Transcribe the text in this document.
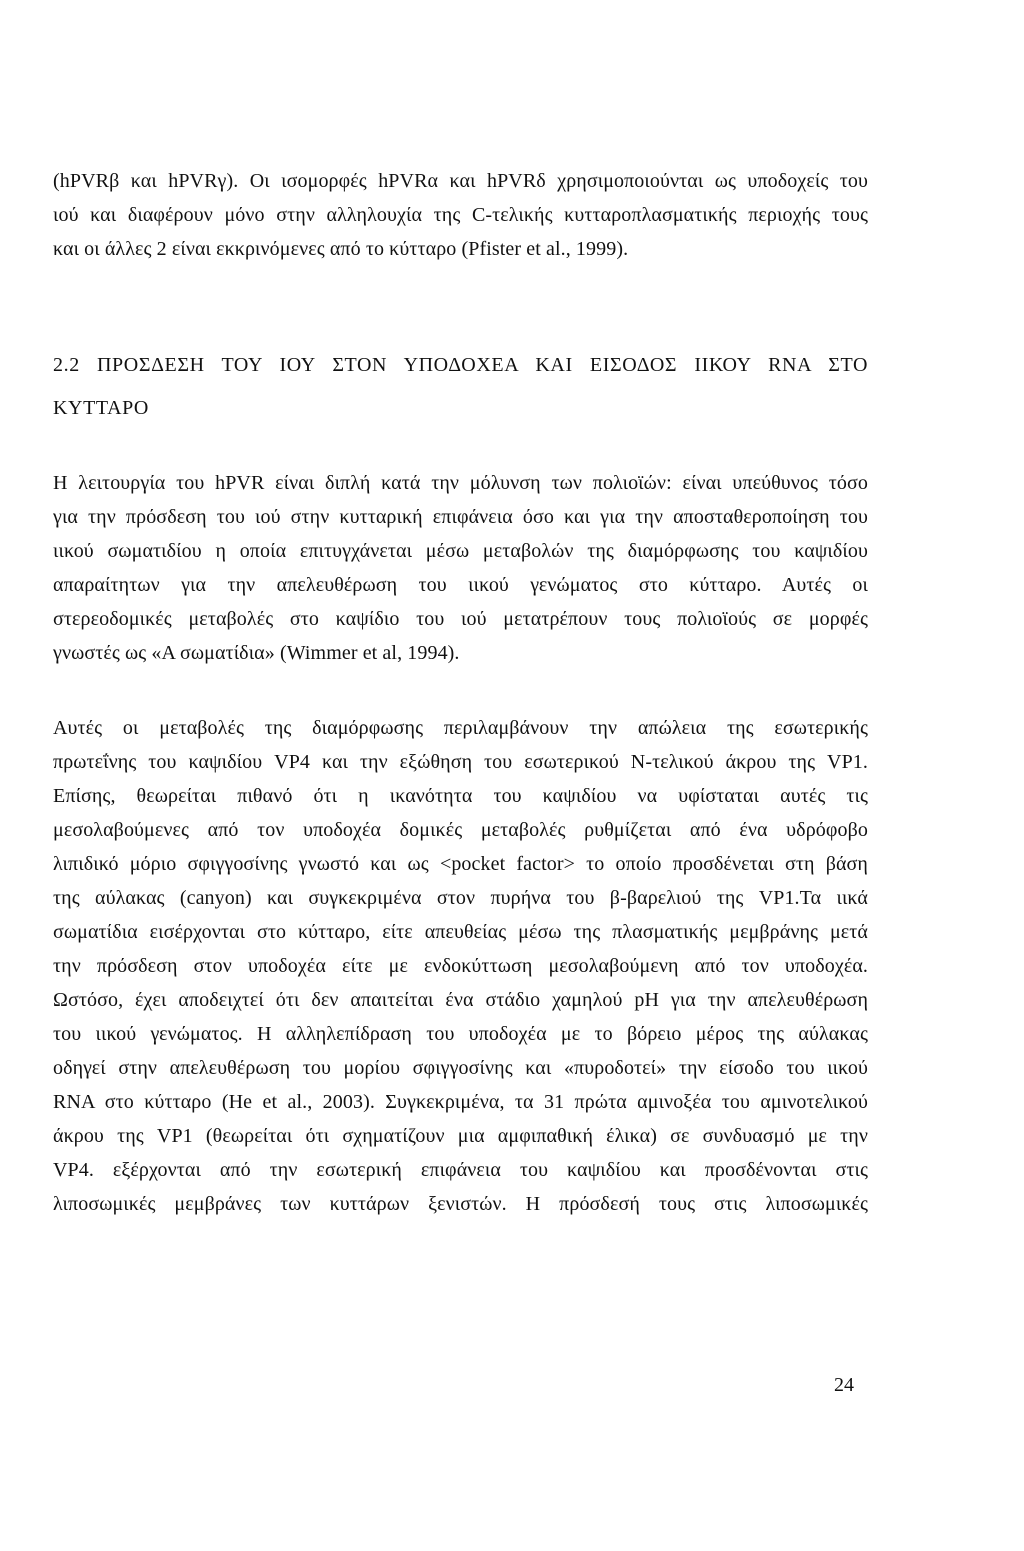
(hPVRβ και hPVRγ). Οι ισομορφές hPVRα και hPVRδ χρησιμοποιούνται ως υποδοχείς του
ιού και διαφέρουν μόνο στην αλληλουχία της C-τελικής κυτταροπλασματικής περιοχής τους
και οι άλλες 2 είναι εκκρινόμενες από το κύτταρο (Pfister et al., 1999).
2.2 ΠΡΟΣΔΕΣΗ ΤΟΥ ΙΟΥ ΣΤΟΝ ΥΠΟΔΟΧΕΑ ΚΑΙ ΕΙΣΟΔΟΣ ΙΙΚΟΥ RNA ΣΤΟ
ΚΥΤΤΑΡΟ
Η λειτουργία του hPVR είναι διπλή κατά την μόλυνση των πολιοϊών: είναι υπεύθυνος τόσο
για την πρόσδεση του ιού στην κυτταρική επιφάνεια όσο και για την αποσταθεροποίηση του
ιικού σωματιδίου η οποία επιτυγχάνεται μέσω μεταβολών της διαμόρφωσης του καψιδίου
απαραίτητων για την απελευθέρωση του ιικού γενώματος στο κύτταρο. Αυτές οι
στερεοδομικές μεταβολές στο καψίδιο του ιού μετατρέπουν τους πολιοϊούς σε μορφές
γνωστές ως «A σωματίδια» (Wimmer et al, 1994).
Αυτές οι μεταβολές της διαμόρφωσης περιλαμβάνουν την απώλεια της εσωτερικής
πρωτεΐνης του καψιδίου VP4 και την εξώθηση του εσωτερικού Ν-τελικού άκρου της VP1.
Επίσης, θεωρείται πιθανό ότι η ικανότητα του καψιδίου να υφίσταται αυτές τις
μεσολαβούμενες από τον υποδοχέα δομικές μεταβολές ρυθμίζεται από ένα υδρόφοβο
λιπιδικό μόριο σφιγγοσίνης γνωστό και ως <pocket factor> το οποίο προσδένεται στη βάση
της αύλακας (canyon) και συγκεκριμένα στον πυρήνα του β-βαρελιού της VP1.Τα ιικά
σωματίδια εισέρχονται στο κύτταρο, είτε απευθείας μέσω της πλασματικής μεμβράνης μετά
την πρόσδεση στον υποδοχέα είτε με ενδοκύττωση μεσολαβούμενη από τον υποδοχέα.
Ωστόσο, έχει αποδειχτεί ότι δεν απαιτείται ένα στάδιο χαμηλού pH για την απελευθέρωση
του ιικού γενώματος. Η αλληλεπίδραση του υποδοχέα με το βόρειο μέρος της αύλακας
οδηγεί στην απελευθέρωση του μορίου σφιγγοσίνης και «πυροδοτεί» την είσοδο του ιικού
RNA στο κύτταρο (He et al., 2003). Συγκεκριμένα, τα 31 πρώτα αμινοξέα του αμινοτελικού
άκρου της VP1 (θεωρείται ότι σχηματίζουν μια αμφιπαθική έλικα) σε συνδυασμό με την
VP4. εξέρχονται από την εσωτερική επιφάνεια του καψιδίου και προσδένονται στις
λιποσωμικές μεμβράνες των κυττάρων ξενιστών. Η πρόσδεσή τους στις λιποσωμικές
24
